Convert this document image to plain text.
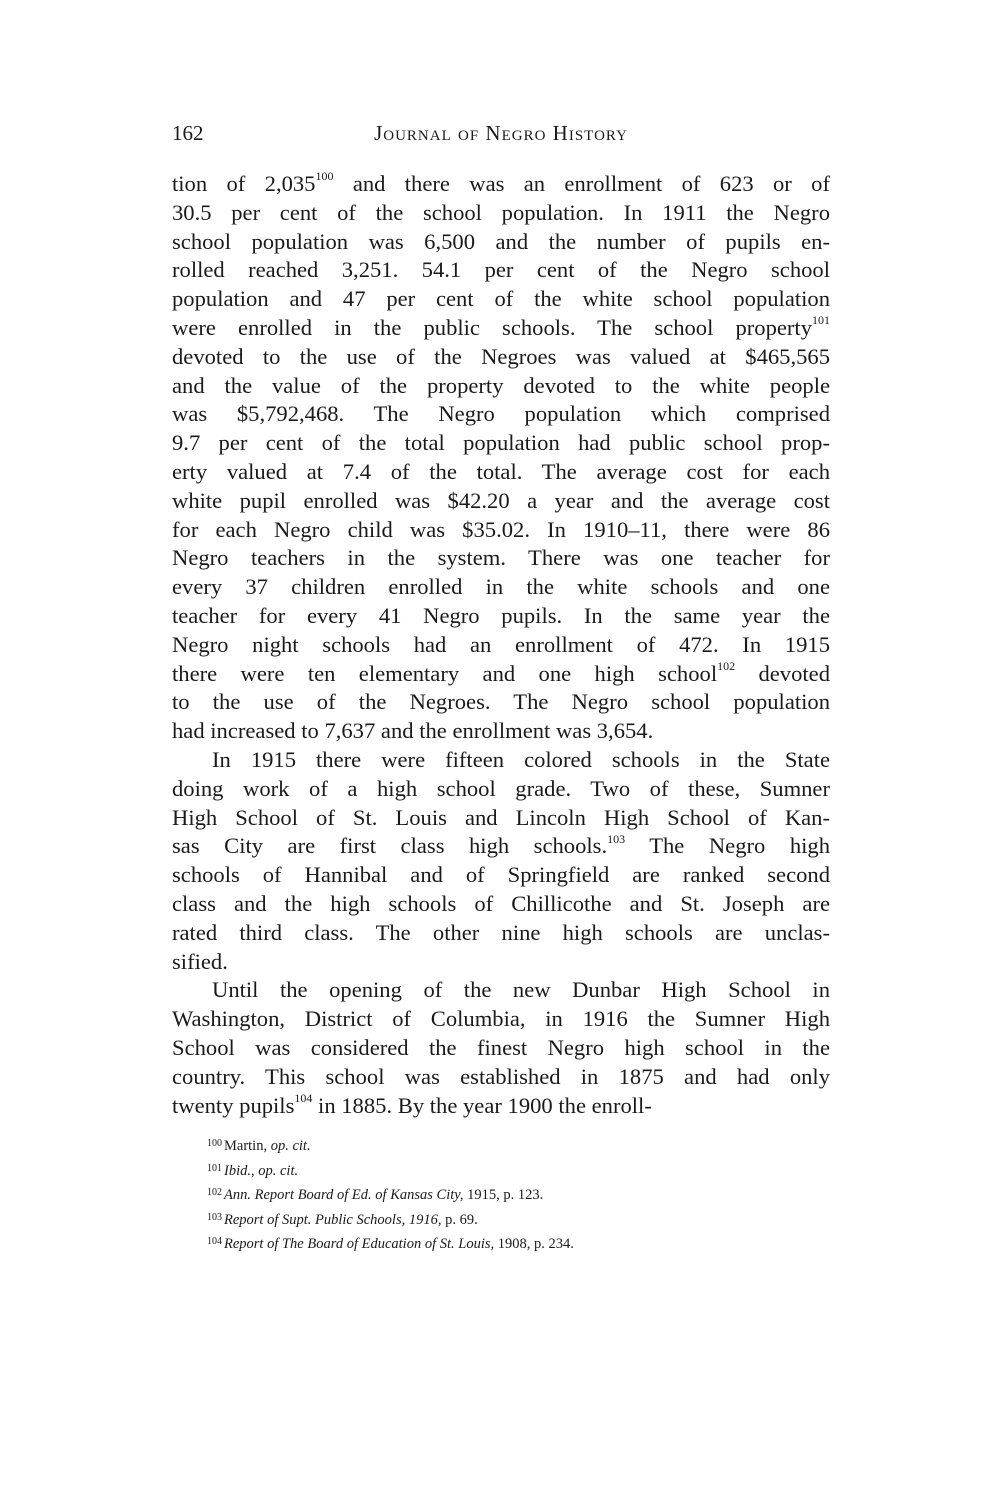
162	Journal of Negro History
tion of 2,035$^{100}$ and there was an enrollment of 623 or of
30.5 per cent of the school population. In 1911 the Negro
school population was 6,500 and the number of pupils en-
rolled reached 3,251. 54.1 per cent of the Negro school
population and 47 per cent of the white school population
were enrolled in the public schools. The school property$^{101}$
devoted to the use of the Negroes was valued at $465,565
and the value of the property devoted to the white people
was $5,792,468. The Negro population which comprised
9.7 per cent of the total population had public school prop-
erty valued at 7.4 of the total. The average cost for each
white pupil enrolled was $42.20 a year and the average cost
for each Negro child was $35.02. In 1910–11, there were 86
Negro teachers in the system. There was one teacher for
every 37 children enrolled in the white schools and one
teacher for every 41 Negro pupils. In the same year the
Negro night schools had an enrollment of 472. In 1915
there were ten elementary and one high school$^{102}$ devoted
to the use of the Negroes. The Negro school population
had increased to 7,637 and the enrollment was 3,654.
In 1915 there were fifteen colored schools in the State
doing work of a high school grade. Two of these, Sumner
High School of St. Louis and Lincoln High School of Kan-
sas City are first class high schools.$^{103}$ The Negro high
schools of Hannibal and of Springfield are ranked second
class and the high schools of Chillicothe and St. Joseph are
rated third class. The other nine high schools are unclas-
sified.
Until the opening of the new Dunbar High School in
Washington, District of Columbia, in 1916 the Sumner High
School was considered the finest Negro high school in the
country. This school was established in 1875 and had only
twenty pupils$^{104}$ in 1885. By the year 1900 the enroll-
$^{100}$ Martin, op. cit.
$^{101}$ Ibid., op. cit.
$^{102}$ Ann. Report Board of Ed. of Kansas City, 1915, p. 123.
$^{103}$ Report of Supt. Public Schools, 1916, p. 69.
$^{104}$ Report of The Board of Education of St. Louis, 1908, p. 234.
